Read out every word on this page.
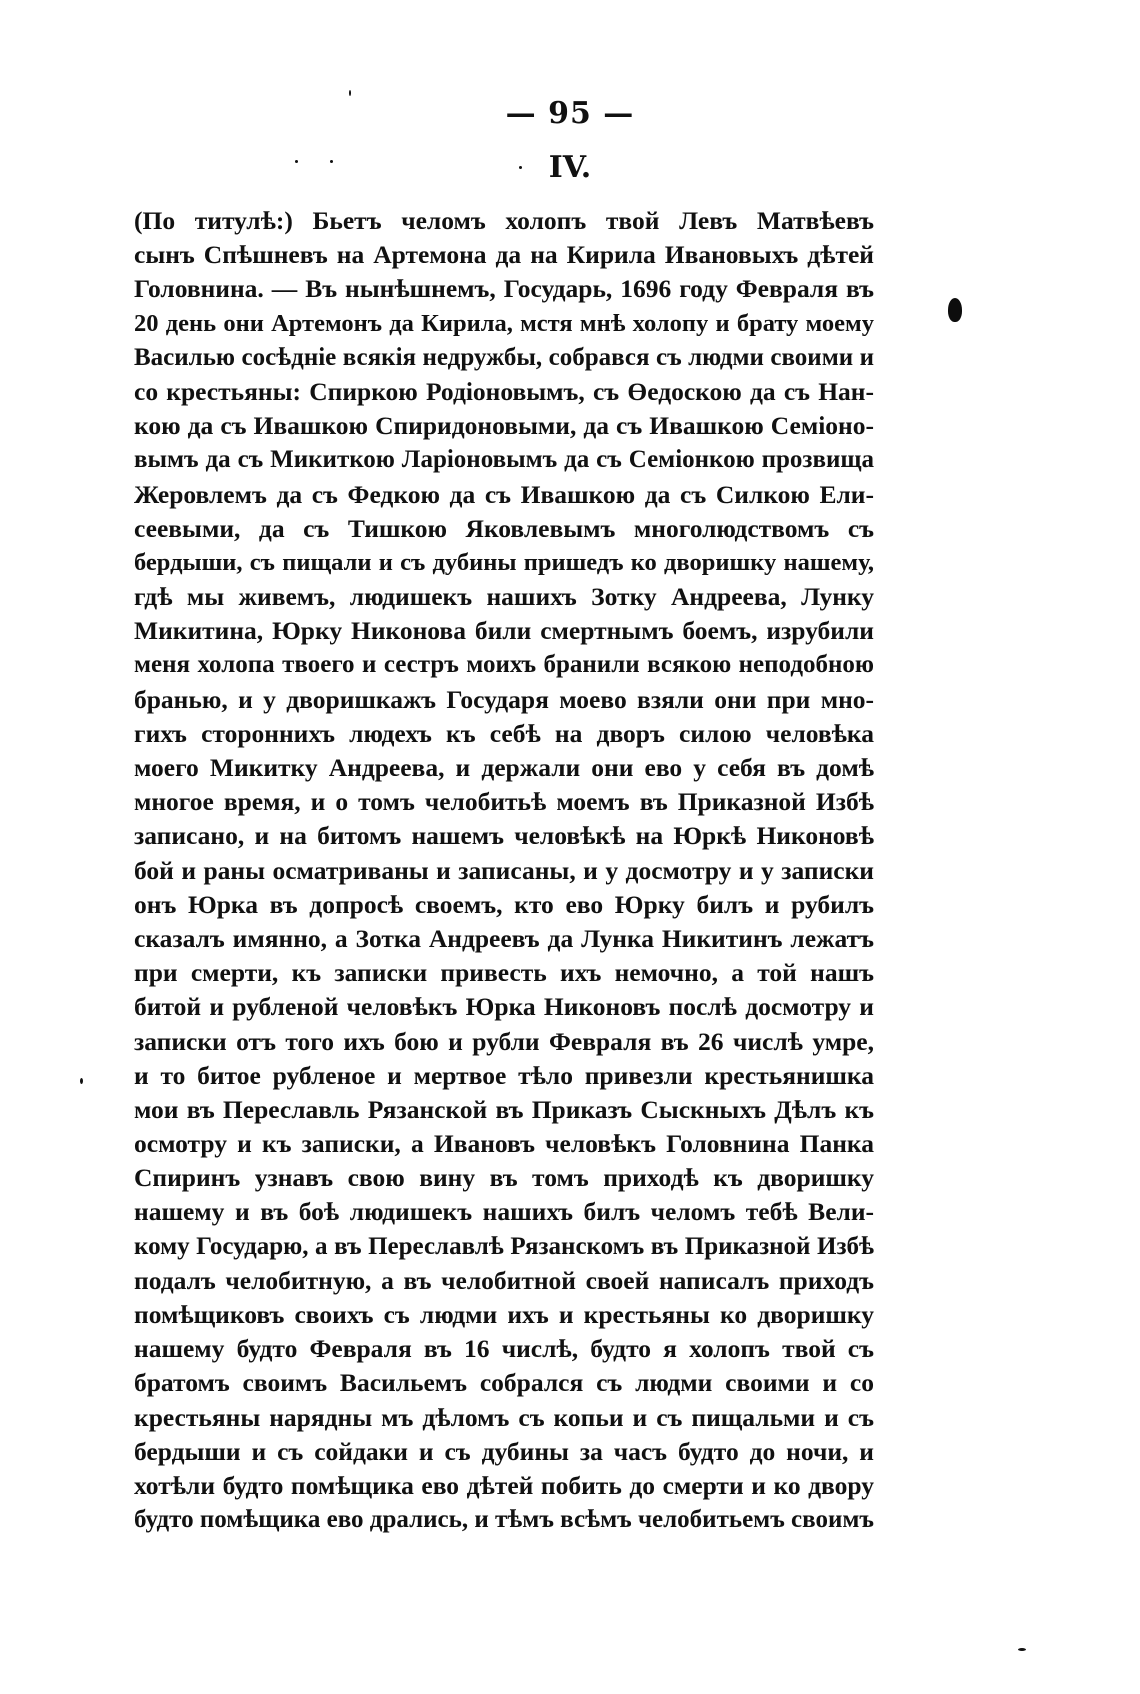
— 95 —
IV.
(По титулѣ:) Бьетъ челомъ холопъ твой Левъ Матвѣевъ
сынъ Спѣшневъ на Артемона да на Кирила Ивановыхъ дѣтей
Головнина. — Въ нынѣшнемъ, Государь, 1696 году Февраля въ
20 день они Артемонъ да Кирила, мстя мнѣ холопу и брату моему
Василью сосѣдніе всякія недружбы, собрався съ людми своими и
со крестьяны: Спиркою Родіоновымъ, съ Өедоскою да съ Нан-
кою да съ Ивашкою Спиридоновыми, да съ Ивашкою Семіоно-
вымъ да съ Микиткою Ларіоновымъ да съ Семіонкою прозвища
Жеровлемъ да съ Федкою да съ Ивашкою да съ Силкою Ели-
сеевыми, да съ Тишкою Яковлевымъ многолюдствомъ съ
бердыши, съ пищали и съ дубины пришедъ ко дворишку нашему,
гдѣ мы живемъ, людишекъ нашихъ Зотку Андреева, Лунку
Микитина, Юрку Никонова били смертнымъ боемъ, изрубили
меня холопа твоего и сестръ моихъ бранили всякою неподобною
бранью, и у дворишкажъ Государя моево взяли они при мно-
гихъ стороннихъ людехъ къ себѣ на дворъ силою человѣка
моего Микитку Андреева, и держали они ево у себя въ домѣ
многое время, и о томъ челобитьѣ моемъ въ Приказной Избѣ
записано, и на битомъ нашемъ человѣкѣ на Юркѣ Никоновѣ
бой и раны осматриваны и записаны, и у досмотру и у записки
онъ Юрка въ допросѣ своемъ, кто ево Юрку билъ и рубилъ
сказалъ имянно, а Зотка Андреевъ да Лунка Никитинъ лежатъ
при смерти, къ записки привесть ихъ немочно, а той нашъ
битой и рубленой человѣкъ Юрка Никоновъ послѣ досмотру и
записки отъ того ихъ бою и рубли Февраля въ 26 числѣ умре,
и то битое рубленое и мертвое тѣло привезли крестьянишка
мои въ Переславль Рязанской въ Приказъ Сыскныхъ Дѣлъ къ
осмотру и къ записки, а Ивановъ человѣкъ Головнина Панка
Спиринъ узнавъ свою вину въ томъ приходѣ къ дворишку
нашему и въ боѣ людишекъ нашихъ билъ челомъ тебѣ Вели-
кому Государю, а въ Переславлѣ Рязанскомъ въ Приказной Избѣ
подалъ челобитную, а въ челобитной своей написалъ приходъ
помѣщиковъ своихъ съ людми ихъ и крестьяны ко дворишку
нашему будто Февраля въ 16 числѣ, будто я холопъ твой съ
братомъ своимъ Васильемъ собрался съ людми своими и со
крестьяны нарядны мъ дѣломъ съ копьи и съ пищальми и съ
бердыши и съ сойдаки и съ дубины за часъ будто до ночи, и
хотѣли будто помѣщика ево дѣтей побить до смерти и ко двору
будто помѣщика ево дрались, и тѣмъ всѣмъ челобитьемъ своимъ
